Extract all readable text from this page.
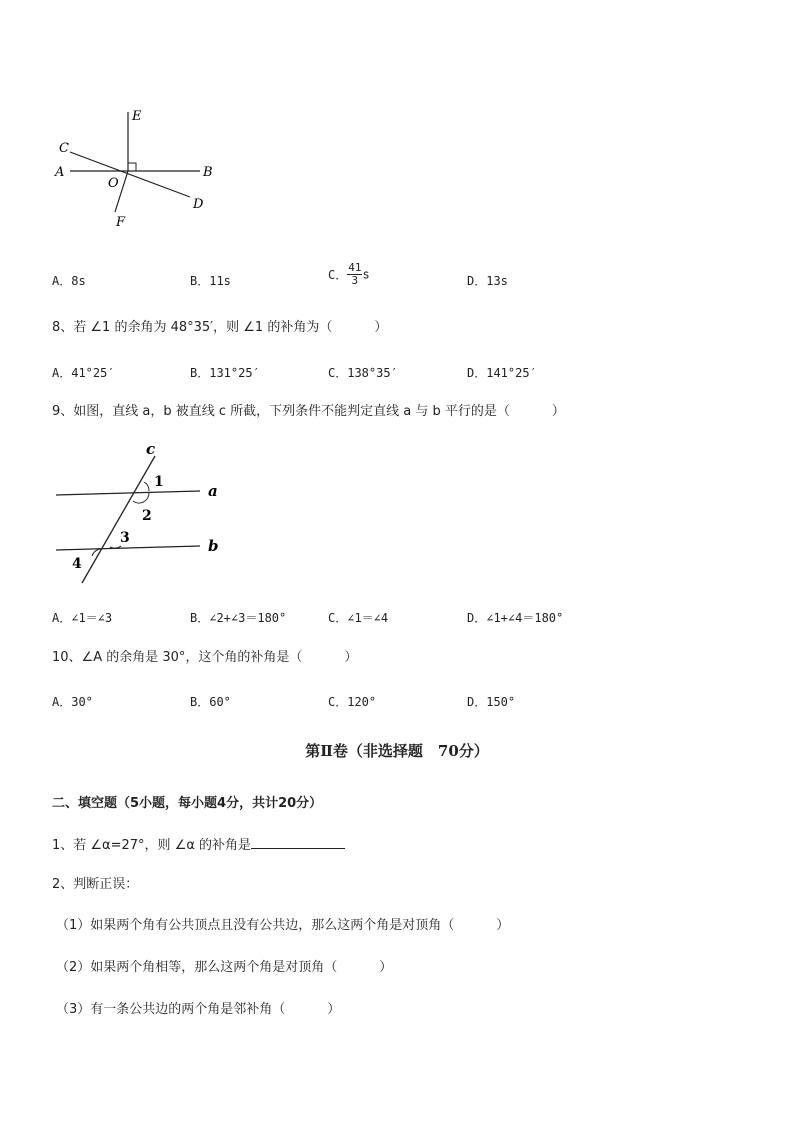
E
C
A
O
B
D
F
A．8s	B．11s	C． $\frac{41}{3}$ s	D．13s
8、若 ∠1 的余角为 48°35′，则 ∠1 的补角为（	）
A．41°25′	B．131°25′	C．138°35′	D．141°25′
9、如图，直线 a，b 被直线 c 所截，下列条件不能判定直线 a 与 b 平行的是（	）
c
a
b
1
2
3
4
A．∠1＝∠3	B．∠2+∠3＝180°	C．∠1＝∠4	D．∠1+∠4＝180°
10、∠A 的余角是 30°，这个角的补角是（	）
A．30°	B．60°	C．120°	D．150°
第Ⅱ卷（非选择题　70分）
二、填空题（5小题，每小题4分，共计20分）
1、若 ∠α=27°，则 ∠α 的补角是
2、判断正误：
（1）如果两个角有公共顶点且没有公共边，那么这两个角是对顶角（	）
（2）如果两个角相等，那么这两个角是对顶角（	）
（3）有一条公共边的两个角是邻补角（	）
